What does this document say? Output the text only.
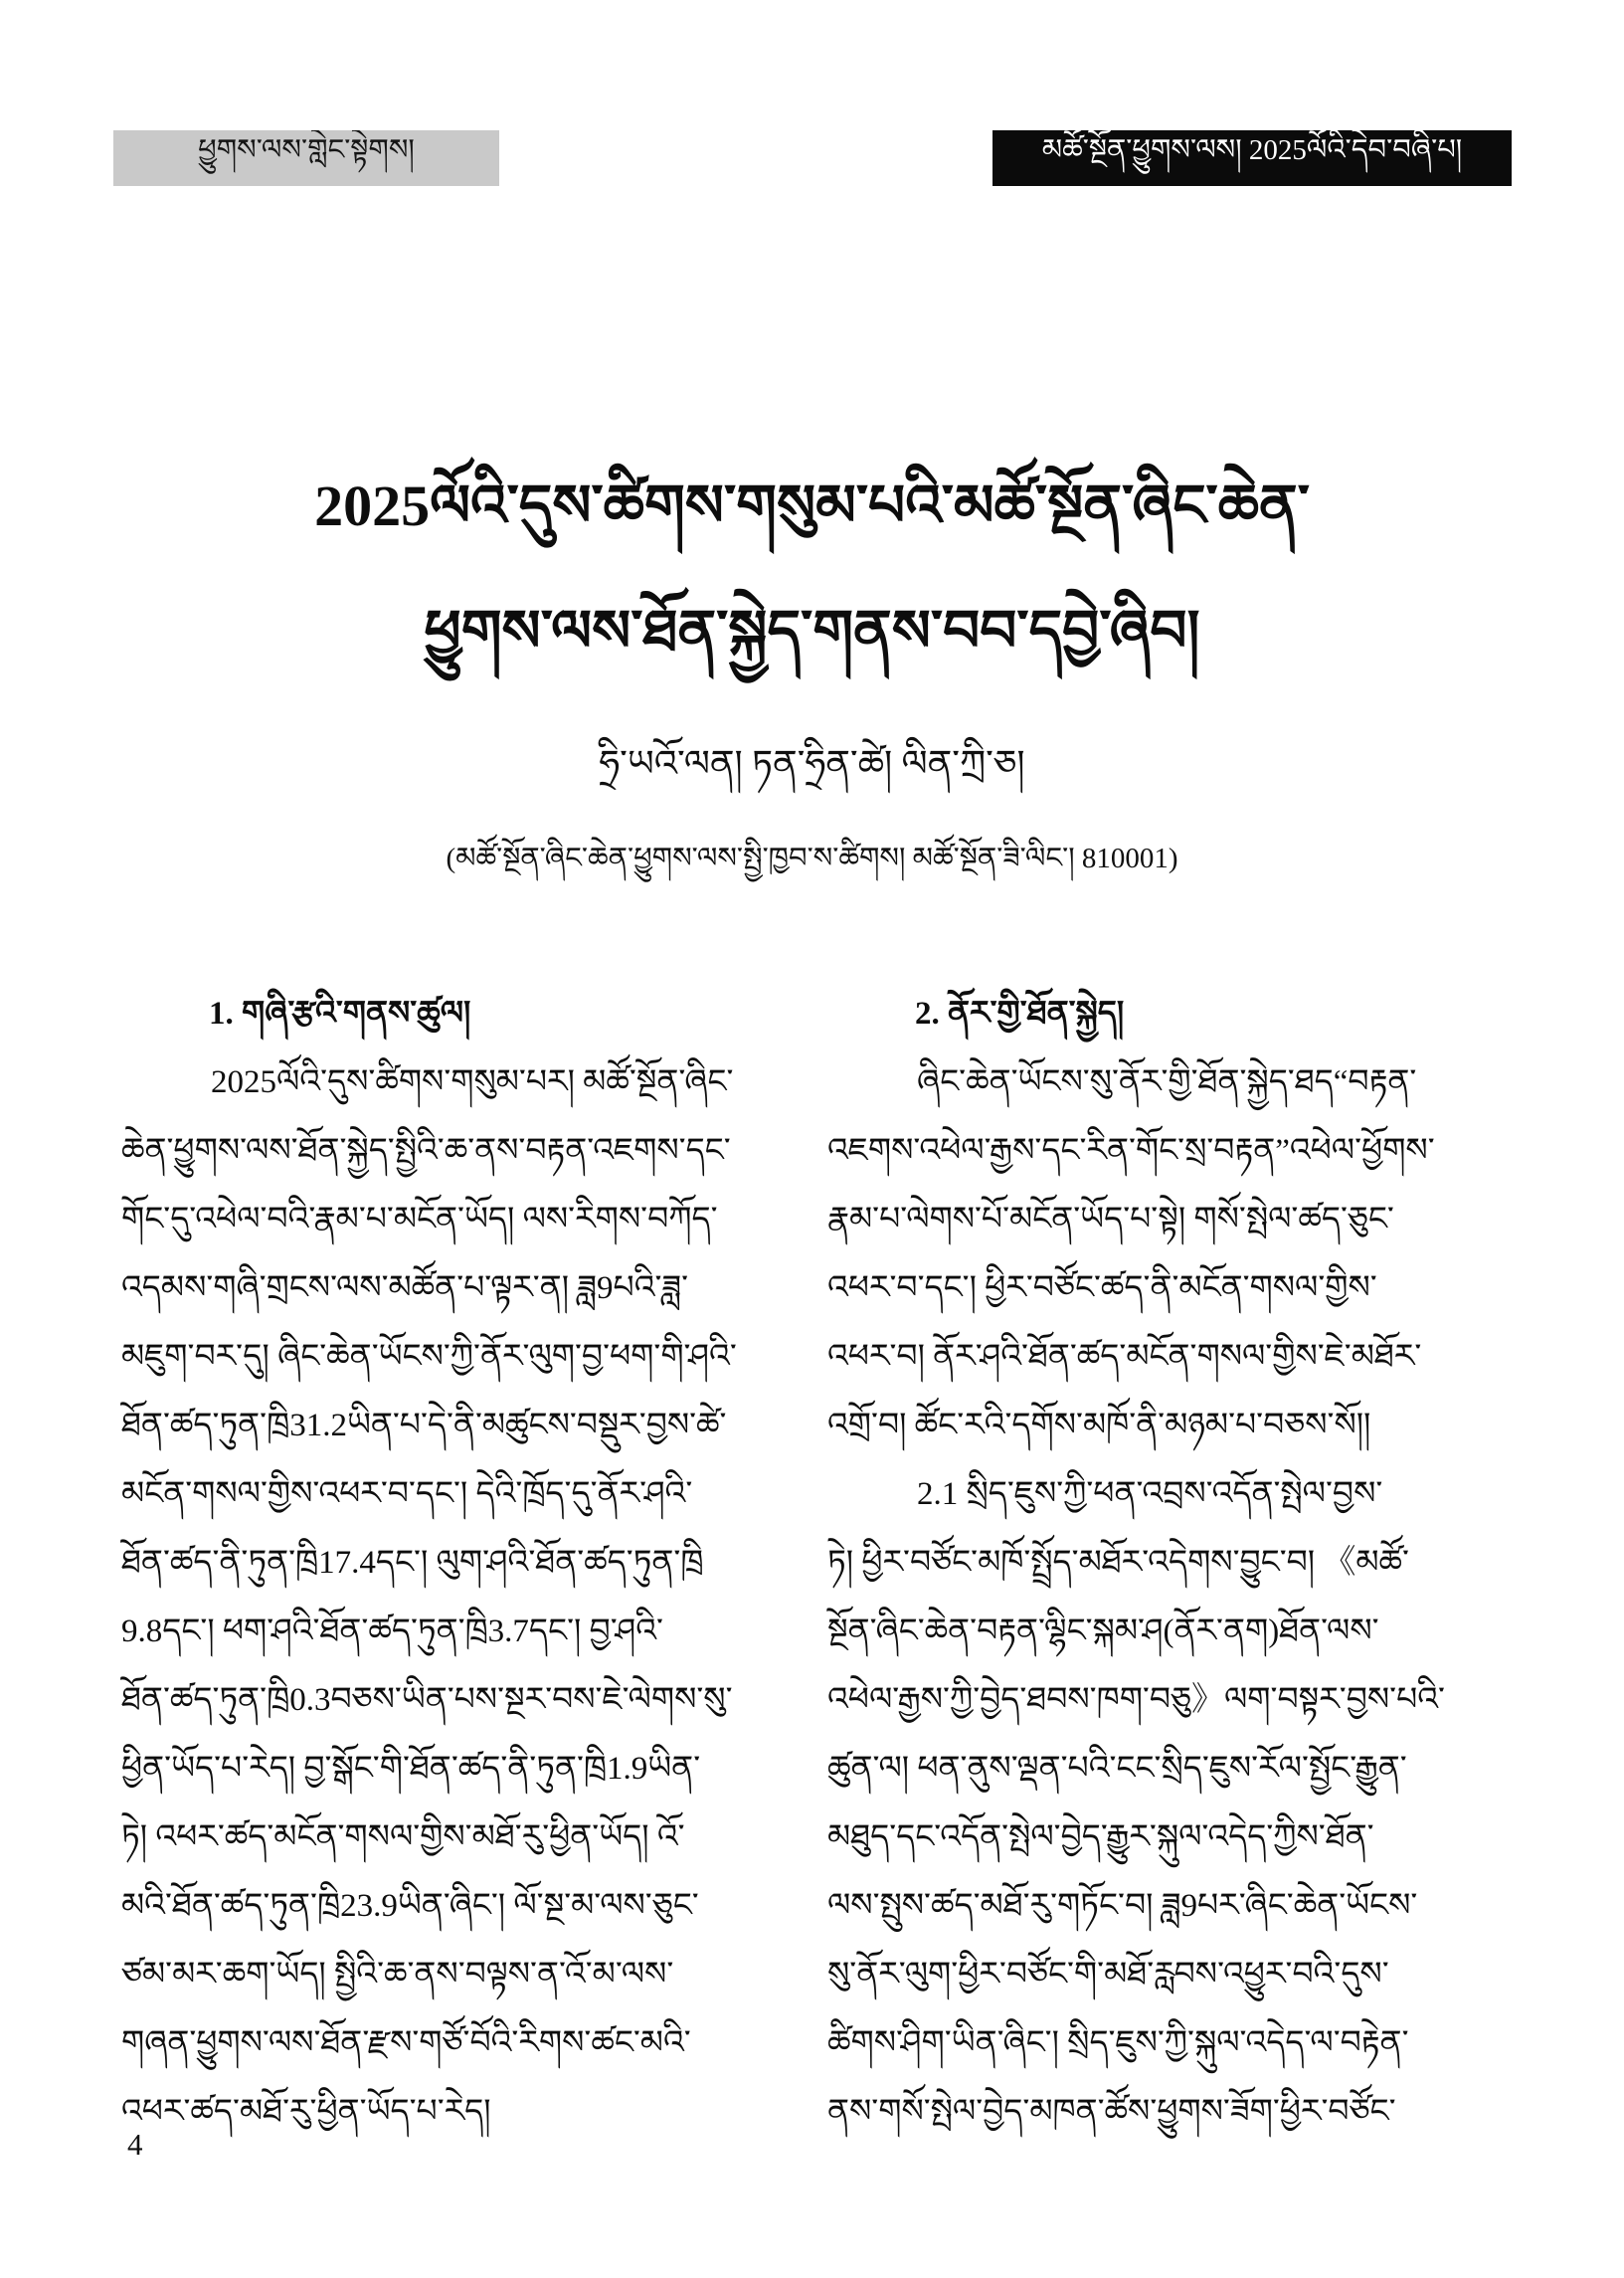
ཕྱུགས་ལས་གླེང་སྟེགས།	མཚོ་སྔོན་ཕྱུགས་ལས། 2025ལོའི་དེབ་བཞི་པ།
2025ལོའི་དུས་ཚིགས་གསུམ་པའི་མཚོ་སྔོན་ཞིང་ཆེན་
ཕྱུགས་ལས་ཐོན་སྐྱེད་གནས་བབ་དབྱེ་ཞིབ།
ཧྲི་ཡའོ་ལན། ཏན་ཧྲིན་ཚེ། ལིན་ཀྲི་ཅ།
(མཚོ་སྔོན་ཞིང་ཆེན་ཕྱུགས་ལས་སྤྱི་ཁྱབ་ས་ཚིགས། མཚོ་སྔོན་ཟི་ལིང་། 810001)
1. གཞི་རྩའི་གནས་ཚུལ།
2025ལོའི་དུས་ཚིགས་གསུམ་པར། མཚོ་སྔོན་ཞིང་
ཆེན་ཕྱུགས་ལས་ཐོན་སྐྱེད་སྤྱིའི་ཆ་ནས་བརྟན་འཇགས་དང་
གོང་དུ་འཕེལ་བའི་རྣམ་པ་མངོན་ཡོད། ལས་རིགས་བཀོད་
འདམས་གཞི་གྲངས་ལས་མཚོན་པ་ལྟར་ན། ཟླ9པའི་ཟླ་
མཇུག་བར་དུ། ཞིང་ཆེན་ཡོངས་ཀྱི་ནོར་ལུག་བྱ་ཕག་གི་ཤའི་
ཐོན་ཚད་ཏུན་ཁྲི31.2ཡིན་པ་དེ་ནི་མཚུངས་བསྡུར་བྱས་ཚེ་
མངོན་གསལ་གྱིས་འཕར་བ་དང་། དེའི་ཁྲོད་དུ་ནོར་ཤའི་
ཐོན་ཚད་ནི་ཏུན་ཁྲི17.4དང་། ལུག་ཤའི་ཐོན་ཚད་ཏུན་ཁྲི
9.8དང་། ཕག་ཤའི་ཐོན་ཚད་ཏུན་ཁྲི3.7དང་། བྱ་ཤའི་
ཐོན་ཚད་ཏུན་ཁྲི0.3བཅས་ཡིན་པས་སྔར་བས་ཇེ་ལེགས་སུ་
ཕྱིན་ཡོད་པ་རེད། བྱ་སྒོང་གི་ཐོན་ཚད་ནི་ཏུན་ཁྲི1.9ཡིན་
ཏེ། འཕར་ཚད་མངོན་གསལ་གྱིས་མཐོ་རུ་ཕྱིན་ཡོད། འོ་
མའི་ཐོན་ཚད་ཏུན་ཁྲི23.9ཡིན་ཞིང་། ལོ་སྔ་མ་ལས་ཅུང་
ཙམ་མར་ཆག་ཡོད། སྤྱིའི་ཆ་ནས་བལྟས་ན་འོ་མ་ལས་
གཞན་ཕྱུགས་ལས་ཐོན་རྫས་གཙོ་བོའི་རིགས་ཚང་མའི་
འཕར་ཚད་མཐོ་རུ་ཕྱིན་ཡོད་པ་རེད།
2. ནོར་གྱི་ཐོན་སྐྱེད།
ཞིང་ཆེན་ཡོངས་སུ་ནོར་གྱི་ཐོན་སྐྱེད་ཐད“བརྟན་
འཇགས་འཕེལ་རྒྱས་དང་རིན་གོང་སྲ་བརྟན”འཕེལ་ཕྱོགས་
རྣམ་པ་ལེགས་པོ་མངོན་ཡོད་པ་སྟེ། གསོ་སྤེལ་ཚད་ཅུང་
འཕར་བ་དང་། ཕྱིར་བཙོང་ཚད་ནི་མངོན་གསལ་གྱིས་
འཕར་བ། ནོར་ཤའི་ཐོན་ཚད་མངོན་གསལ་གྱིས་ཇེ་མཐོར་
འགྲོ་བ། ཚོང་རའི་དགོས་མཁོ་ནི་མཉམ་པ་བཅས་སོ།།
2.1 སྲིད་ཇུས་ཀྱི་ཕན་འབྲས་འདོན་སྤེལ་བྱས་
ཏེ། ཕྱིར་བཙོང་མཁོ་སྤྲོད་མཐོར་འདེགས་བྱུང་བ། 《མཚོ་
སྔོན་ཞིང་ཆེན་བརྟན་ལྷིང་སྐམ་ཤ(ནོར་ནག)ཐོན་ལས་
འཕེལ་རྒྱས་ཀྱི་བྱེད་ཐབས་ཁག་བཅུ》ལག་བསྟར་བྱས་པའི་
ཚུན་ལ། ཕན་ནུས་ལྡན་པའི་ངང་སྲིད་ཇུས་རོལ་སྤྱོང་རྒྱུན་
མཐུད་དང་འདོན་སྤེལ་བྱེད་རྒྱུར་སྐུལ་འདེད་ཀྱིས་ཐོན་
ལས་སྤུས་ཚད་མཐོ་རུ་གཏོང་བ། ཟླ9པར་ཞིང་ཆེན་ཡོངས་
སུ་ནོར་ལུག་ཕྱིར་བཙོང་གི་མཐོ་རླབས་འཕྱུར་བའི་དུས་
ཚིགས་ཤིག་ཡིན་ཞིང་། སྲིད་ཇུས་ཀྱི་སྐུལ་འདེད་ལ་བརྟེན་
ནས་གསོ་སྤེལ་བྱེད་མཁན་ཚོས་ཕྱུགས་ཟོག་ཕྱིར་བཙོང་
4
